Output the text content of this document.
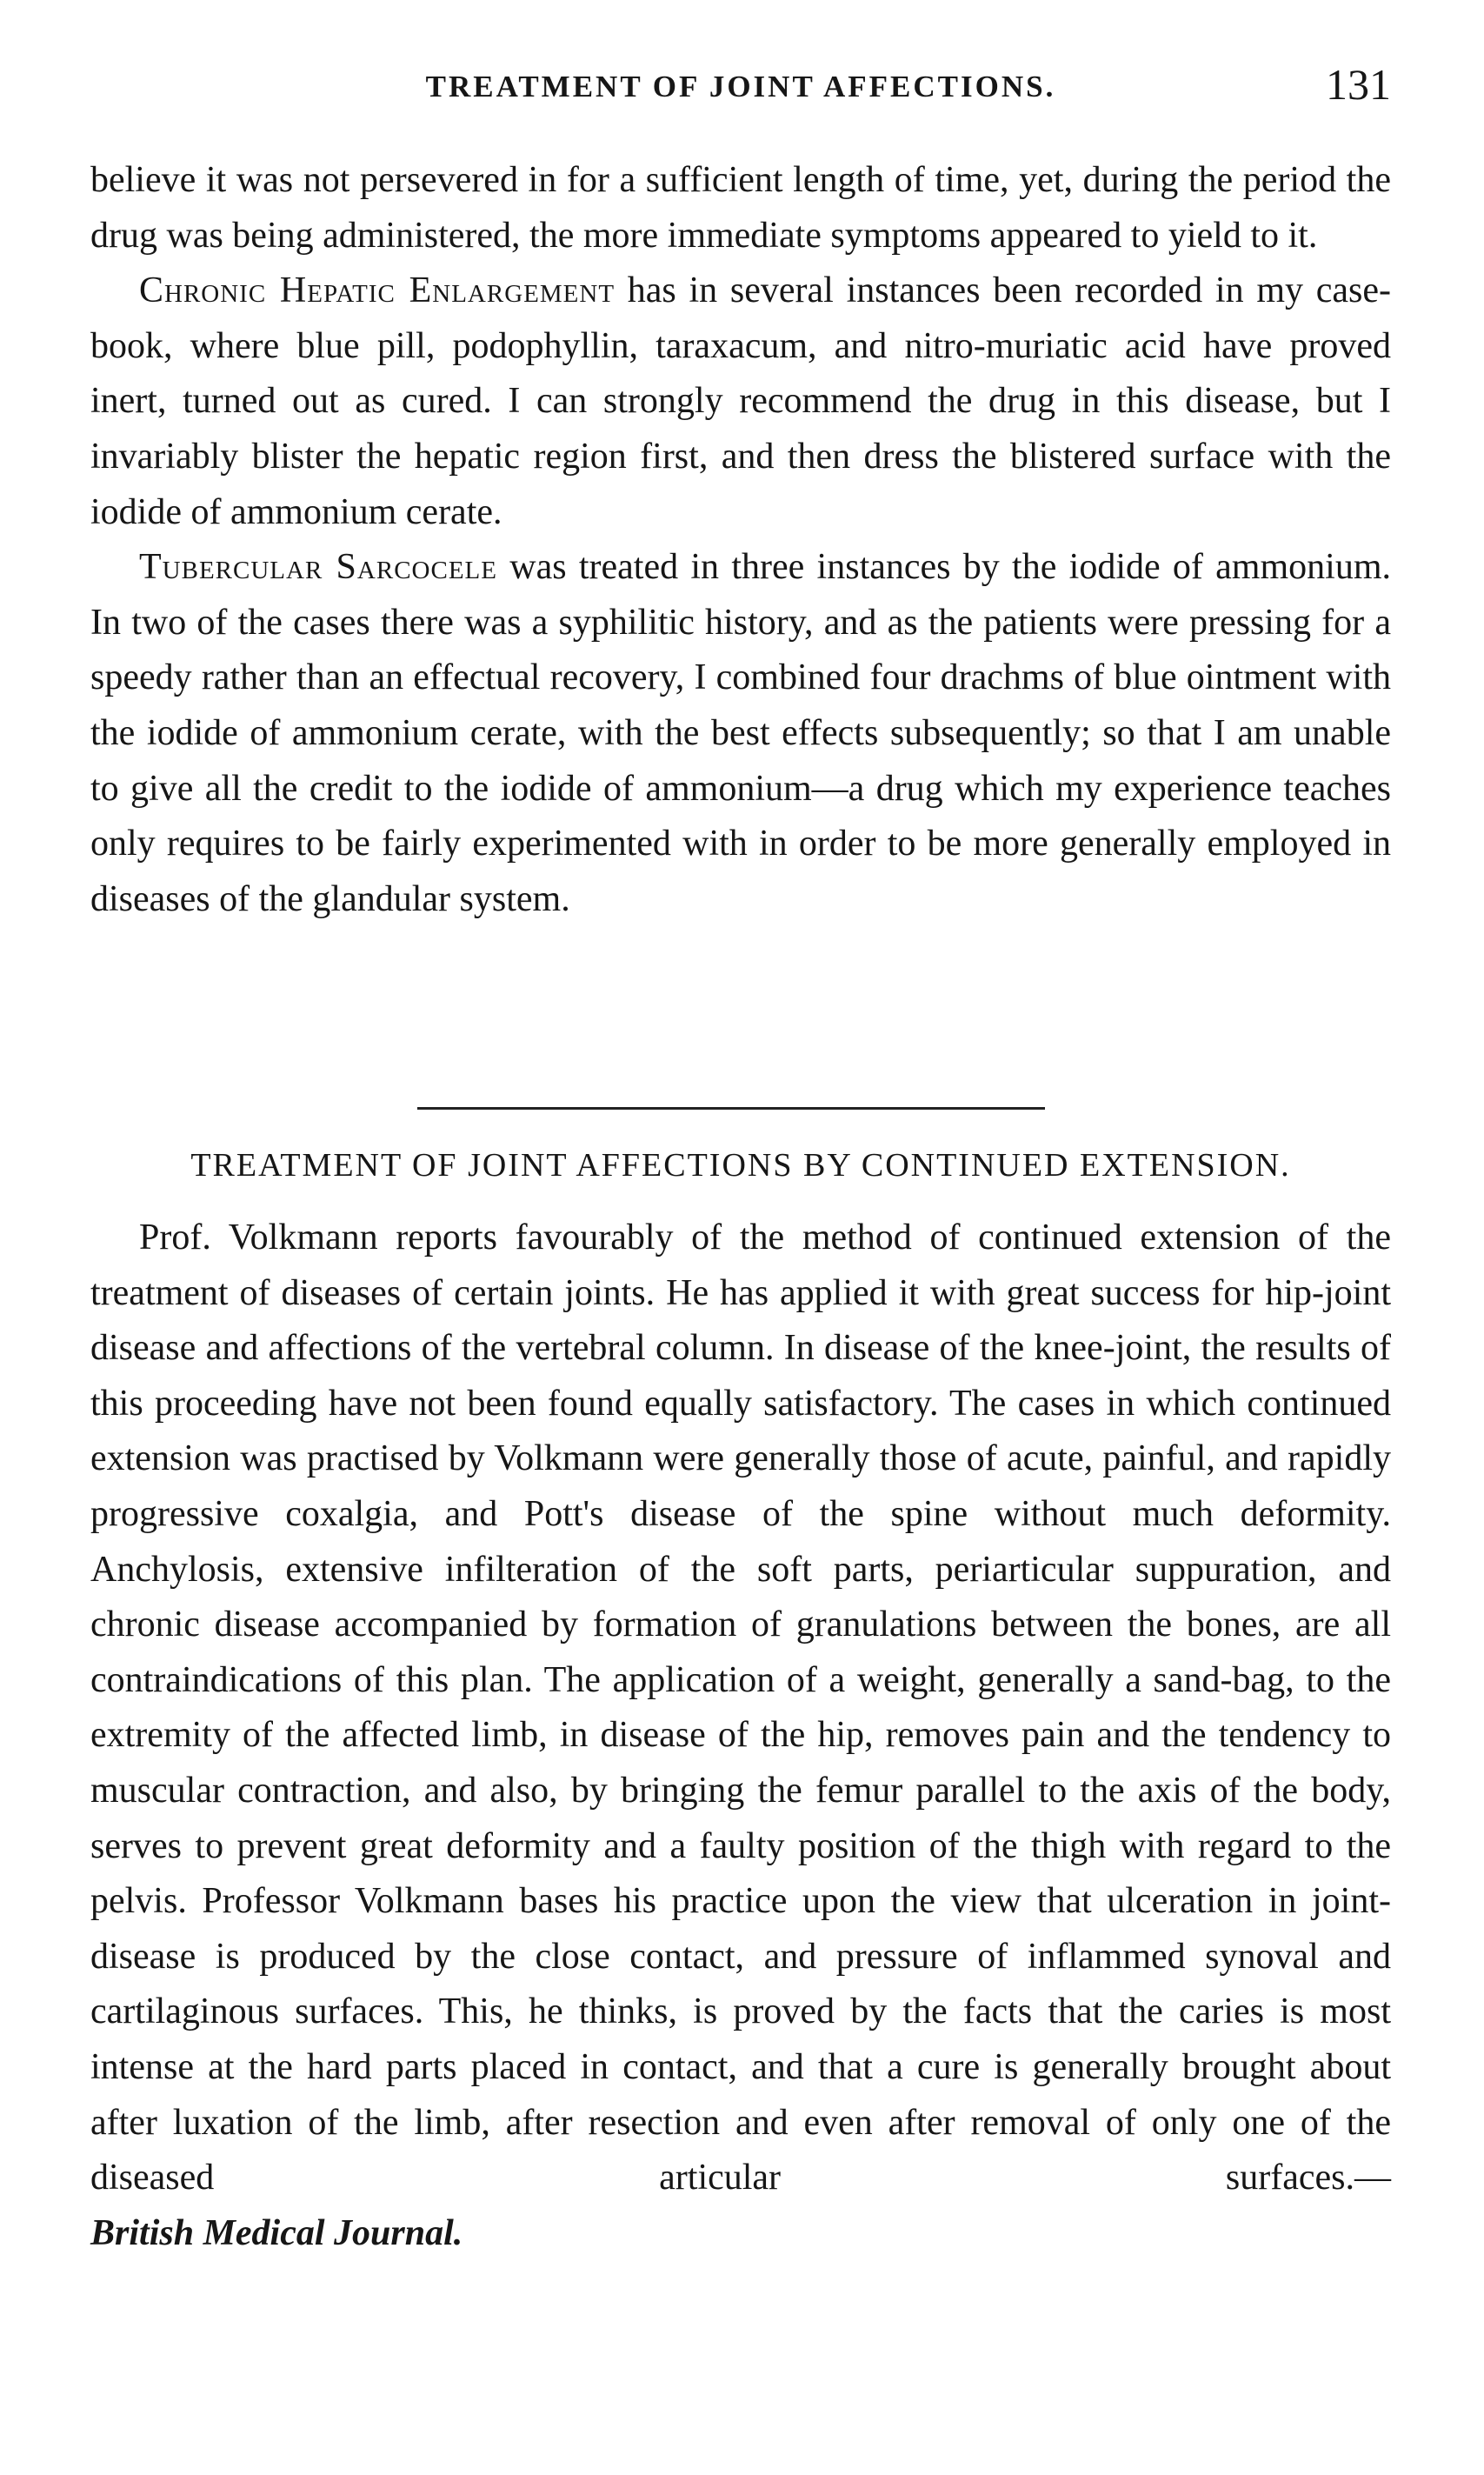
TREATMENT OF JOINT AFFECTIONS.	131

believe it was not persevered in for a sufficient length of time, yet, during the period the drug was being administered, the more immediate symptoms appeared to yield to it.

Chronic Hepatic Enlargement has in several instances been recorded in my case-book, where blue pill, podophyllin, taraxacum, and nitro-muriatic acid have proved inert, turned out as cured. I can strongly recommend the drug in this disease, but I invariably blister the hepatic region first, and then dress the blistered surface with the iodide of ammonium cerate.

Tubercular Sarcocele was treated in three instances by the iodide of ammonium. In two of the cases there was a syphilitic history, and as the patients were pressing for a speedy rather than an effectual recovery, I combined four drachms of blue ointment with the iodide of ammonium cerate, with the best effects subsequently; so that I am unable to give all the credit to the iodide of ammonium—a drug which my experience teaches only requires to be fairly experimented with in order to be more generally employed in diseases of the glandular system.

TREATMENT OF JOINT AFFECTIONS BY CONTINUED EXTENSION.

Prof. Volkmann reports favourably of the method of continued extension of the treatment of diseases of certain joints. He has applied it with great success for hip-joint disease and affections of the vertebral column. In disease of the knee-joint, the results of this proceeding have not been found equally satisfactory. The cases in which continued extension was practised by Volkmann were generally those of acute, painful, and rapidly progressive coxalgia, and Pott's disease of the spine without much deformity. Anchylosis, extensive infilteration of the soft parts, periarticular suppuration, and chronic disease accompanied by formation of granulations between the bones, are all contraindications of this plan. The application of a weight, generally a sand-bag, to the extremity of the affected limb, in disease of the hip, removes pain and the tendency to muscular contraction, and also, by bringing the femur parallel to the axis of the body, serves to prevent great deformity and a faulty position of the thigh with regard to the pelvis. Professor Volkmann bases his practice upon the view that ulceration in joint-disease is produced by the close contact, and pressure of inflammed synoval and cartilaginous surfaces. This, he thinks, is proved by the facts that the caries is most intense at the hard parts placed in contact, and that a cure is generally brought about after luxation of the limb, after resection and even after removal of only one of the diseased articular surfaces.—

British Medical Journal.
